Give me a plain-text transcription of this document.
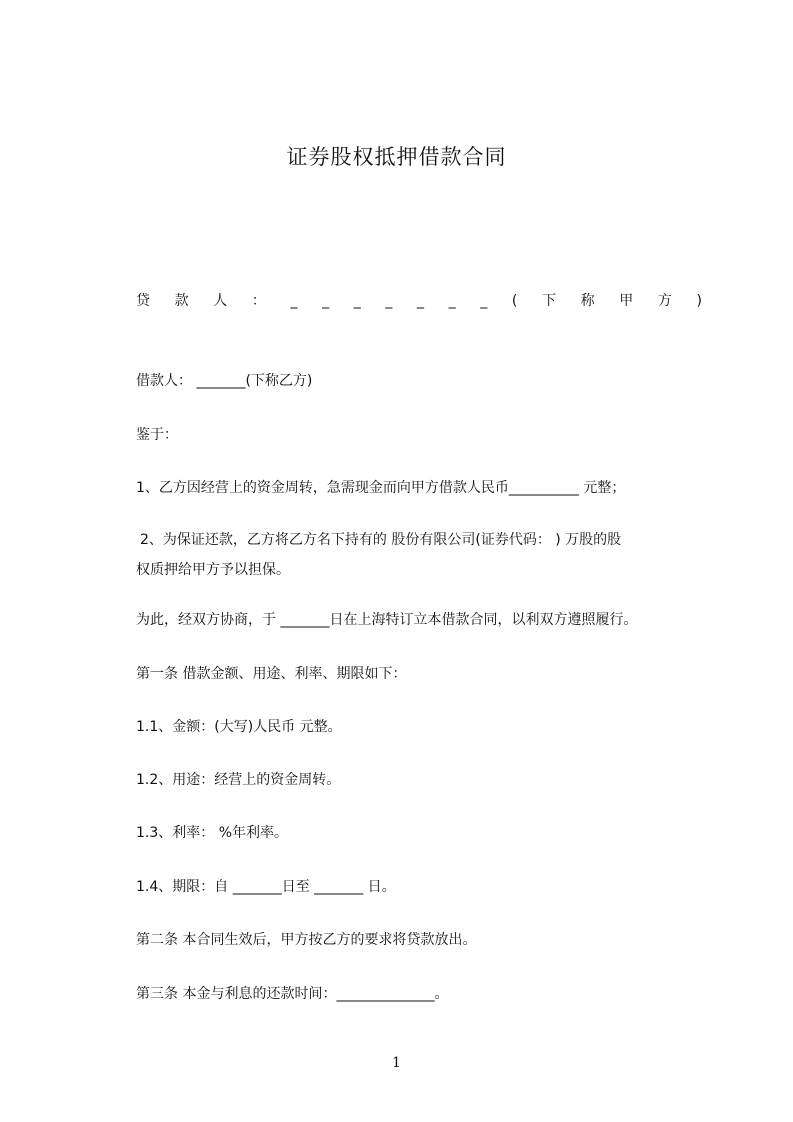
证券股权抵押借款合同
贷 款 人 ： _ _ _ _ _ _ _ ( 下 称 甲 方 )
借款人： _______(下称乙方)
鉴于：
1、乙方因经营上的资金周转，急需现金而向甲方借款人民币__________ 元整；
2、为保证还款，乙方将乙方名下持有的 股份有限公司(证券代码： ) 万股的股
权质押给甲方予以担保。
为此，经双方协商，于 _______日在上海特订立本借款合同，以利双方遵照履行。
第一条 借款金额、用途、利率、期限如下：
1.1、金额：(大写)人民币 元整。
1.2、用途：经营上的资金周转。
1.3、利率： %年利率。
1.4、期限：自 _______日至 _______ 日。
第二条 本合同生效后，甲方按乙方的要求将贷款放出。
第三条 本金与利息的还款时间：______________。
1
